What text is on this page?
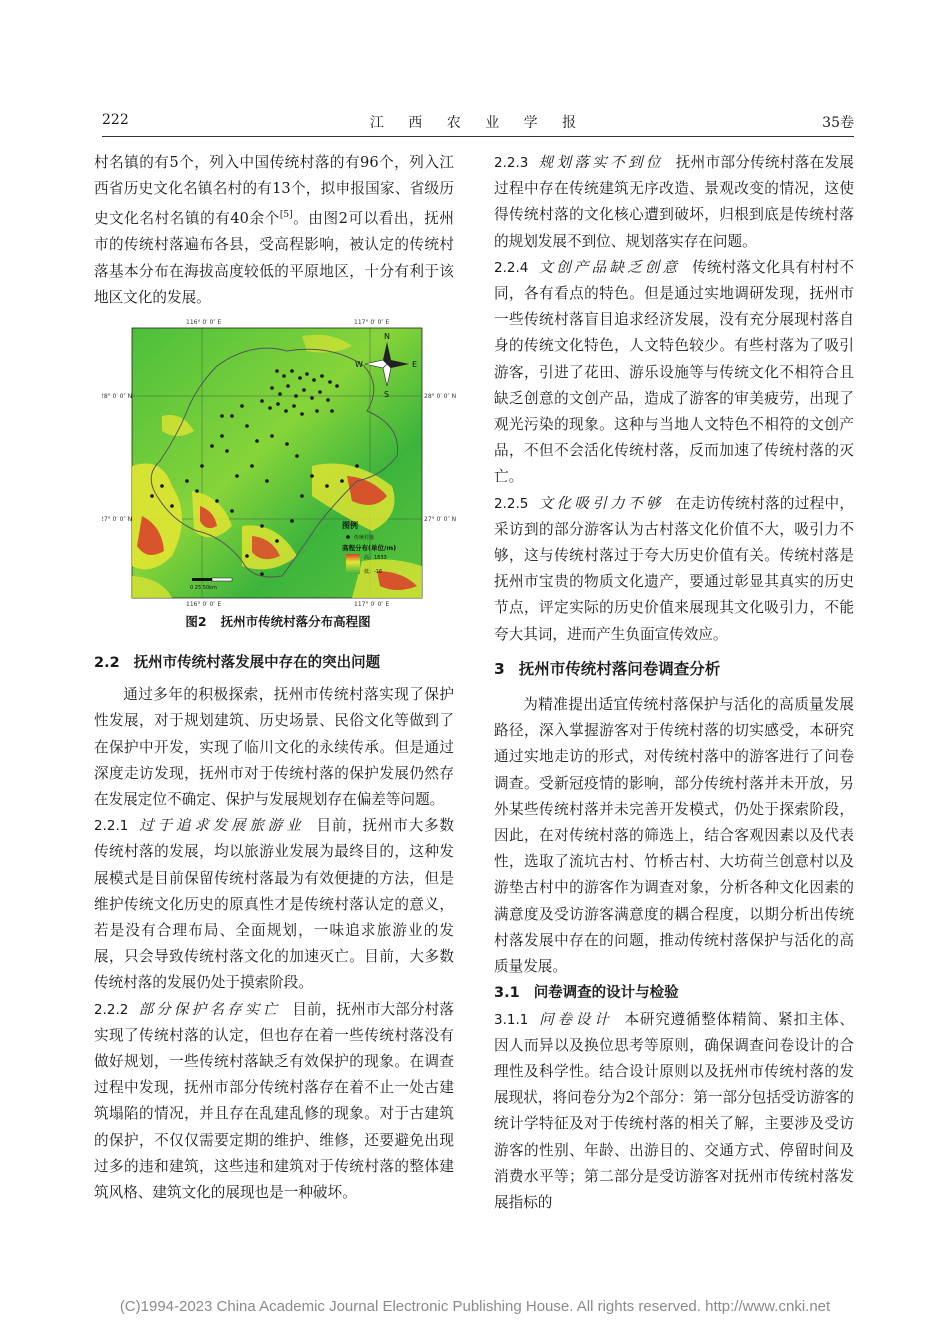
222	江 西 农 业 学 报	35卷

村名镇的有5个，列入中国传统村落的有96个，列入江西省历史文化名镇名村的有13个，拟申报国家、省级历史文化名村名镇的有40余个[5]。由图2可以看出，抚州市的传统村落遍布各县，受高程影响，被认定的传统村落基本分布在海拔高度较低的平原地区，十分有利于该地区文化的发展。

116° 0′ 0″ E	117° 0′ 0″ E
116° 0′ 0″ E	117° 0′ 0″ E
28° 0′ 0″ N	28° 0′ 0″ N
27° 0′ 0″ N	27° 0′ 0″ N
N
S
W	E
图例
传统村落
高程分布(单位/m)
高：1833
低：-16
0 25 50km
图2 抚州市传统村落分布高程图

2.2 抚州市传统村落发展中存在的突出问题

通过多年的积极探索，抚州市传统村落实现了保护性发展，对于规划建筑、历史场景、民俗文化等做到了在保护中开发，实现了临川文化的永续传承。但是通过深度走访发现，抚州市对于传统村落的保护发展仍然存在发展定位不确定、保护与发展规划存在偏差等问题。

2.2.1 过于追求发展旅游业 目前，抚州市大多数传统村落的发展，均以旅游业发展为最终目的，这种发展模式是目前保留传统村落最为有效便捷的方法，但是维护传统文化历史的原真性才是传统村落认定的意义，若是没有合理布局、全面规划，一味追求旅游业的发展，只会导致传统村落文化的加速灭亡。目前，大多数传统村落的发展仍处于摸索阶段。

2.2.2 部分保护名存实亡 目前，抚州市大部分村落实现了传统村落的认定，但也存在着一些传统村落没有做好规划，一些传统村落缺乏有效保护的现象。在调查过程中发现，抚州市部分传统村落存在着不止一处古建筑塌陷的情况，并且存在乱建乱修的现象。对于古建筑的保护，不仅仅需要定期的维护、维修，还要避免出现过多的违和建筑，这些违和建筑对于传统村落的整体建筑风格、建筑文化的展现也是一种破坏。

2.2.3 规划落实不到位 抚州市部分传统村落在发展过程中存在传统建筑无序改造、景观改变的情况，这使得传统村落的文化核心遭到破坏，归根到底是传统村落的规划发展不到位、规划落实存在问题。

2.2.4 文创产品缺乏创意 传统村落文化具有村村不同，各有看点的特色。但是通过实地调研发现，抚州市一些传统村落盲目追求经济发展，没有充分展现村落自身的传统文化特色，人文特色较少。有些村落为了吸引游客，引进了花田、游乐设施等与传统文化不相符合且缺乏创意的文创产品，造成了游客的审美疲劳，出现了观光污染的现象。这种与当地人文特色不相符的文创产品，不但不会活化传统村落，反而加速了传统村落的灭亡。

2.2.5 文化吸引力不够 在走访传统村落的过程中，采访到的部分游客认为古村落文化价值不大，吸引力不够，这与传统村落过于夸大历史价值有关。传统村落是抚州市宝贵的物质文化遗产，要通过彰显其真实的历史节点，评定实际的历史价值来展现其文化吸引力，不能夸大其词，进而产生负面宣传效应。

3 抚州市传统村落问卷调查分析

为精准提出适宜传统村落保护与活化的高质量发展路径，深入掌握游客对于传统村落的切实感受，本研究通过实地走访的形式，对传统村落中的游客进行了问卷调查。受新冠疫情的影响，部分传统村落并未开放，另外某些传统村落并未完善开发模式，仍处于探索阶段，因此，在对传统村落的筛选上，结合客观因素以及代表性，选取了流坑古村、竹桥古村、大坊荷兰创意村以及游垫古村中的游客作为调查对象，分析各种文化因素的满意度及受访游客满意度的耦合程度，以期分析出传统村落发展中存在的问题，推动传统村落保护与活化的高质量发展。

3.1 问卷调查的设计与检验

3.1.1 问卷设计 本研究遵循整体精简、紧扣主体、因人而异以及换位思考等原则，确保调查问卷设计的合理性及科学性。结合设计原则以及抚州市传统村落的发展现状，将问卷分为2个部分：第一部分包括受访游客的统计学特征及对于传统村落的相关了解，主要涉及受访游客的性别、年龄、出游目的、交通方式、停留时间及消费水平等；第二部分是受访游客对抚州市传统村落发展指标的

(C)1994-2023 China Academic Journal Electronic Publishing House. All rights reserved. http://www.cnki.net
